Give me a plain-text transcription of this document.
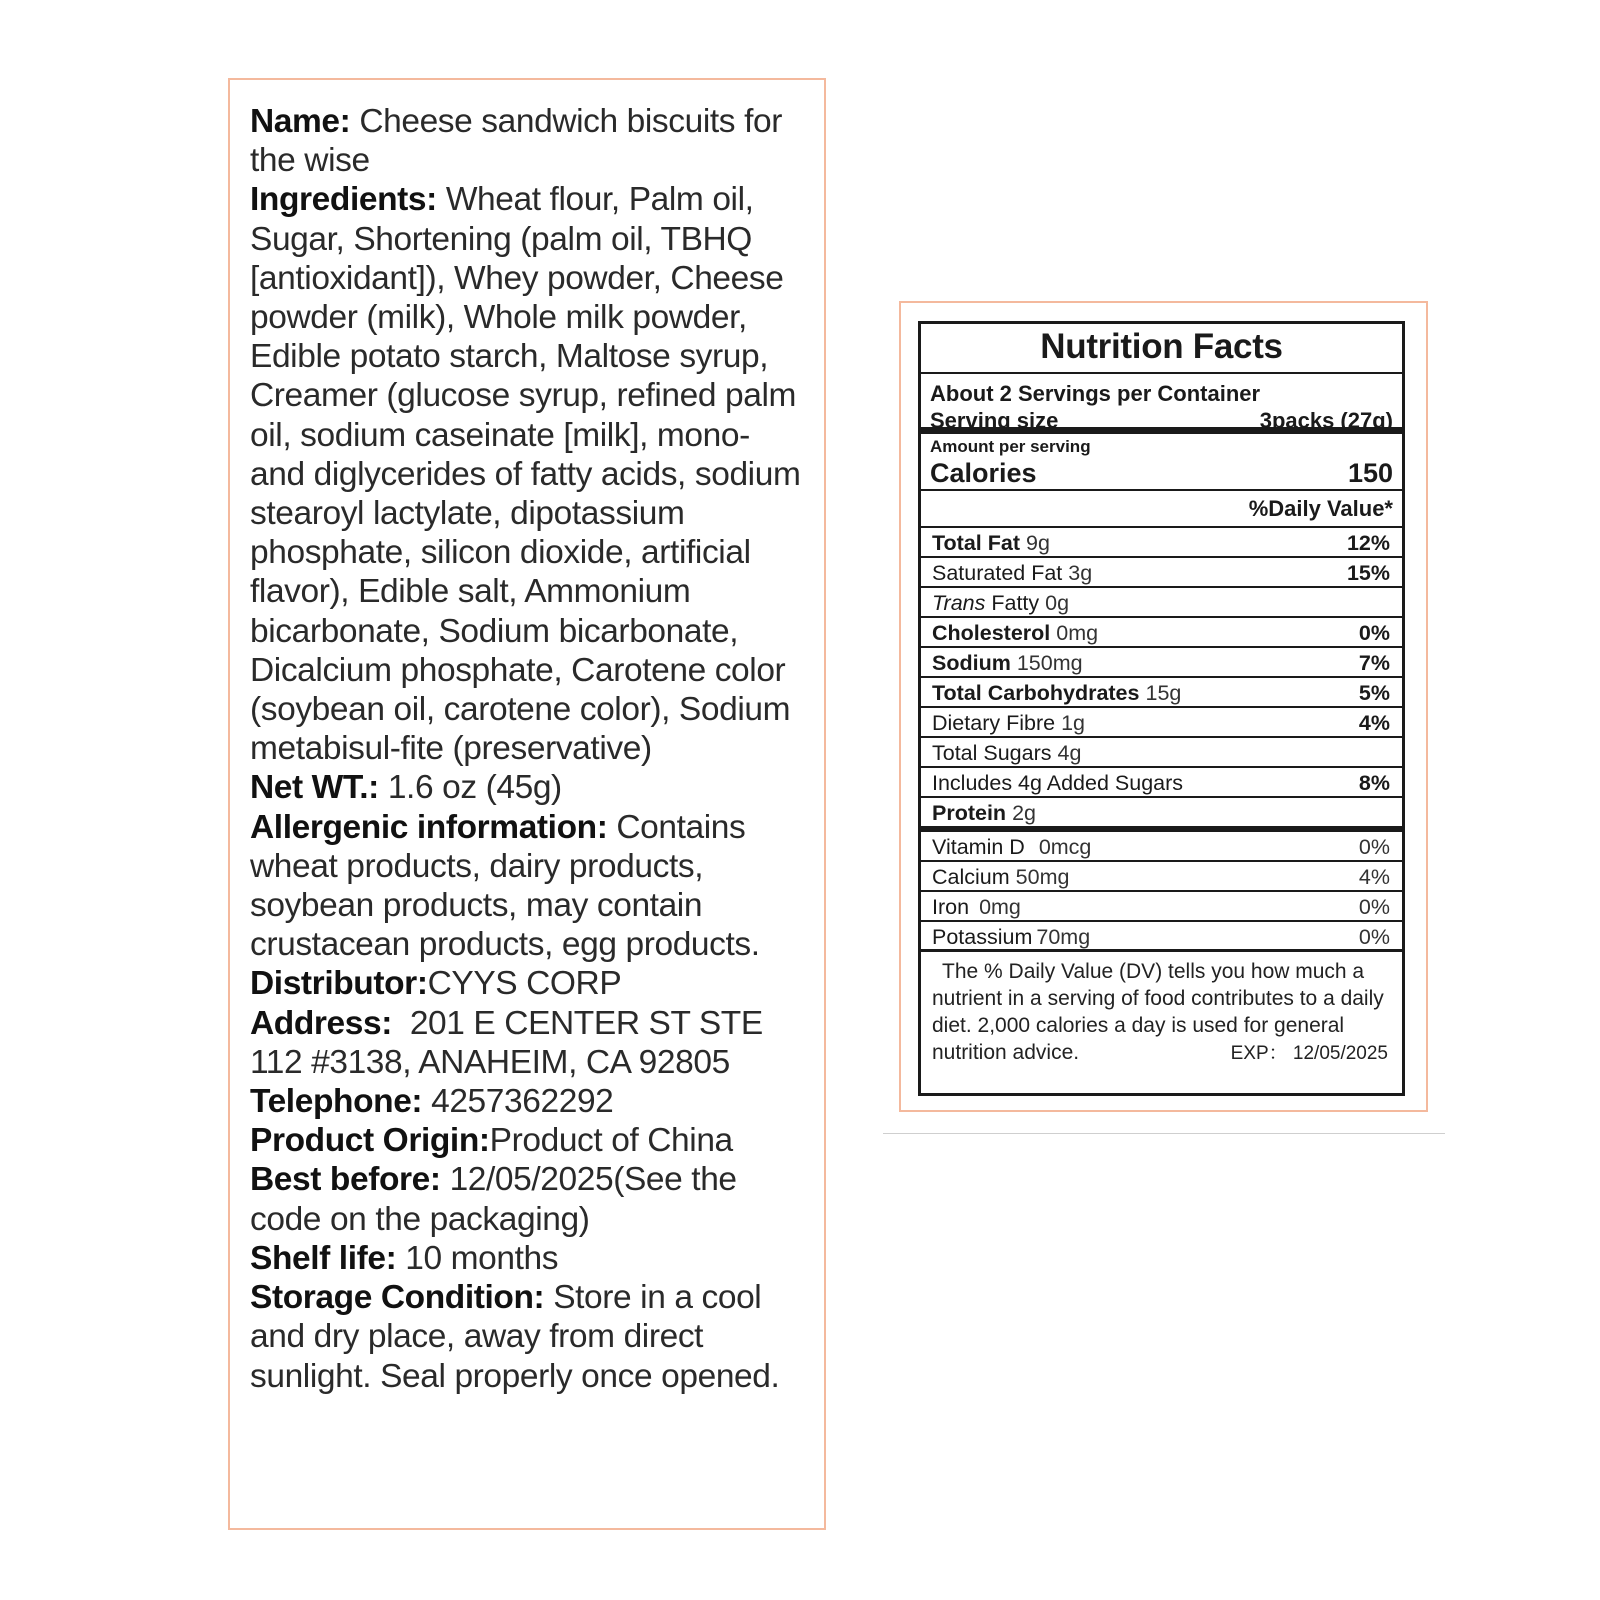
Name: Cheese sandwich biscuits for the wise

Ingredients: Wheat flour, Palm oil, Sugar, Shortening (palm oil, TBHQ [antioxidant]), Whey powder, Cheese powder (milk), Whole milk powder, Edible potato starch, Maltose syrup, Creamer (glucose syrup, refined palm oil, sodium caseinate [milk], mono- and diglycerides of fatty acids, sodium stearoyl lactylate, dipotassium phosphate, silicon dioxide, artificial flavor), Edible salt, Ammonium bicarbonate, Sodium bicarbonate, Dicalcium phosphate, Carotene color (soybean oil, carotene color), Sodium metabisul-fite (preservative)

Net WT.: 1.6 oz (45g)

Allergenic information: Contains wheat products, dairy products, soybean products, may contain crustacean products, egg products.

Distributor:CYYS CORP

Address:  201 E CENTER ST STE 112 #3138, ANAHEIM, CA 92805

Telephone: 4257362292

Product Origin:Product of China

Best before: 12/05/2025(See the code on the packaging)

Shelf life: 10 months

Storage Condition: Store in a cool and dry place, away from direct sunlight. Seal properly once opened.

Nutrition Facts
About 2 Servings per Container
Serving size	3packs (27g)
Amount per serving
Calories	150
%Daily Value*
Total Fat 9g	12%
Saturated Fat 3g	15%
Trans Fatty 0g
Cholesterol 0mg	0%
Sodium 150mg	7%
Total Carbohydrates 15g	5%
Dietary Fibre 1g	4%
Total Sugars 4g
Includes 4g Added Sugars	8%
Protein 2g
Vitamin D 0mcg	0%
Calcium 50mg	4%
Iron 0mg	0%
Potassium 70mg	0%
The % Daily Value (DV) tells you how much a nutrient in a serving of food contributes to a daily diet. 2,000 calories a day is used for general nutrition advice.	EXP： 12/05/2025
